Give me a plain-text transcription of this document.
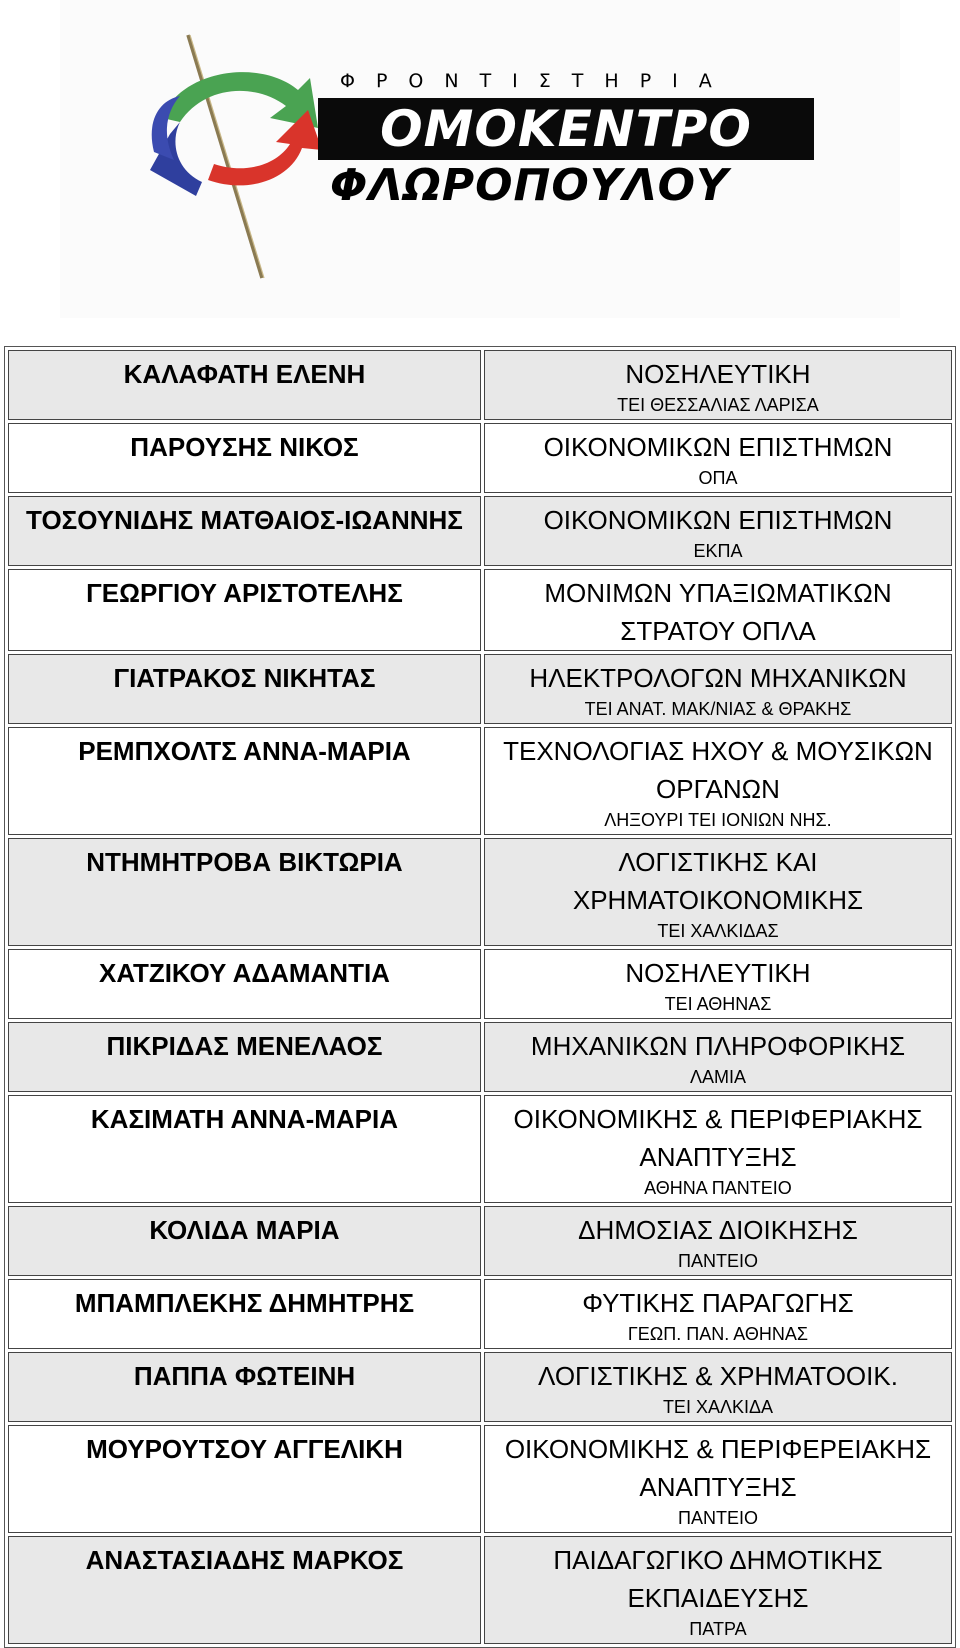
ΦΡΟΝΤΙΣΤΗΡΙΑ
ΟΜΟΚΕΝΤΡΟ
ΦΛΩΡΟΠΟΥΛΟΥ
ΚΑΛΑΦΑΤΗ ΕΛΕΝΗ	ΝΟΣΗΛΕΥΤΙΚΗ
ΤΕΙ ΘΕΣΣΑΛΙΑΣ ΛΑΡΙΣΑ

ΠΑΡΟΥΣΗΣ ΝΙΚΟΣ	ΟΙΚΟΝΟΜΙΚΩΝ ΕΠΙΣΤΗΜΩΝ
ΟΠΑ

ΤΟΣΟΥΝΙΔΗΣ ΜΑΤΘΑΙΟΣ-ΙΩΑΝΝΗΣ	ΟΙΚΟΝΟΜΙΚΩΝ ΕΠΙΣΤΗΜΩΝ
ΕΚΠΑ

ΓΕΩΡΓΙΟΥ ΑΡΙΣΤΟΤΕΛΗΣ	ΜΟΝΙΜΩΝ ΥΠΑΞΙΩΜΑΤΙΚΩΝ ΣΤΡΑΤΟΥ ΟΠΛΑ

ΓΙΑΤΡΑΚΟΣ ΝΙΚΗΤΑΣ	ΗΛΕΚΤΡΟΛΟΓΩΝ ΜΗΧΑΝΙΚΩΝ
ΤΕΙ ΑΝΑΤ. ΜΑΚ/ΝΙΑΣ & ΘΡΑΚΗΣ

ΡΕΜΠΧΟΛΤΣ ΑΝΝΑ-ΜΑΡΙΑ	ΤΕΧΝΟΛΟΓΙΑΣ ΗΧΟΥ & ΜΟΥΣΙΚΩΝ ΟΡΓΑΝΩΝ
ΛΗΞΟΥΡΙ ΤΕΙ ΙΟΝΙΩΝ ΝΗΣ.

ΝΤΗΜΗΤΡΟΒΑ ΒΙΚΤΩΡΙΑ	ΛΟΓΙΣΤΙΚΗΣ ΚΑΙ ΧΡΗΜΑΤΟΙΚΟΝΟΜΙΚΗΣ
ΤΕΙ ΧΑΛΚΙΔΑΣ

ΧΑΤΖΙΚΟΥ ΑΔΑΜΑΝΤΙΑ	ΝΟΣΗΛΕΥΤΙΚΗ
ΤΕΙ ΑΘΗΝΑΣ

ΠΙΚΡΙΔΑΣ ΜΕΝΕΛΑΟΣ	ΜΗΧΑΝΙΚΩΝ ΠΛΗΡΟΦΟΡΙΚΗΣ
ΛΑΜΙΑ

ΚΑΣΙΜΑΤΗ ΑΝΝΑ-ΜΑΡΙΑ	ΟΙΚΟΝΟΜΙΚΗΣ & ΠΕΡΙΦΕΡΙΑΚΗΣ ΑΝΑΠΤΥΞΗΣ
ΑΘΗΝΑ ΠΑΝΤΕΙΟ

ΚΟΛΙΔΑ ΜΑΡΙΑ	ΔΗΜΟΣΙΑΣ ΔΙΟΙΚΗΣΗΣ
ΠΑΝΤΕΙΟ

ΜΠΑΜΠΛΕΚΗΣ ΔΗΜΗΤΡΗΣ	ΦΥΤΙΚΗΣ ΠΑΡΑΓΩΓΗΣ
ΓΕΩΠ. ΠΑΝ. ΑΘΗΝΑΣ

ΠΑΠΠΑ ΦΩΤΕΙΝΗ	ΛΟΓΙΣΤΙΚΗΣ & ΧΡΗΜΑΤΟΟΙΚ.
ΤΕΙ ΧΑΛΚΙΔΑ

ΜΟΥΡΟΥΤΣΟΥ ΑΓΓΕΛΙΚΗ	ΟΙΚΟΝΟΜΙΚΗΣ & ΠΕΡΙΦΕΡΕΙΑΚΗΣ ΑΝΑΠΤΥΞΗΣ
ΠΑΝΤΕΙΟ

ΑΝΑΣΤΑΣΙΑΔΗΣ ΜΑΡΚΟΣ	ΠΑΙΔΑΓΩΓΙΚΟ ΔΗΜΟΤΙΚΗΣ ΕΚΠΑΙΔΕΥΣΗΣ
ΠΑΤΡΑ
